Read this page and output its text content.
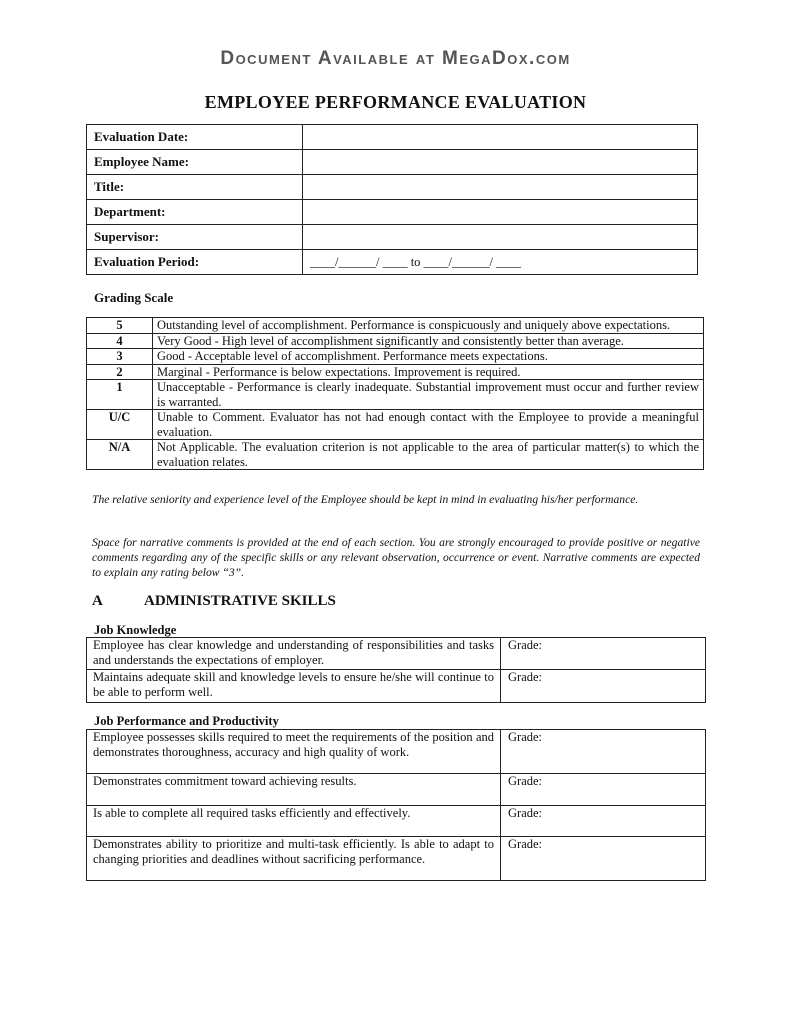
Document Available at MegaDox.com
EMPLOYEE PERFORMANCE EVALUATION
Evaluation Date:	
Employee Name:	
Title:	
Department:	
Supervisor:	
Evaluation Period:	____/______/ ____ to ____/______/ ____
Grading Scale
5	Outstanding level of accomplishment. Performance is conspicuously and uniquely above expectations.
4	Very Good - High level of accomplishment significantly and consistently better than average.
3	Good - Acceptable level of accomplishment. Performance meets expectations.
2	Marginal - Performance is below expectations. Improvement is required.
1	Unacceptable - Performance is clearly inadequate. Substantial improvement must occur and further review is warranted.
U/C	Unable to Comment. Evaluator has not had enough contact with the Employee to provide a meaningful evaluation.
N/A	Not Applicable. The evaluation criterion is not applicable to the area of particular matter(s) to which the evaluation relates.
The relative seniority and experience level of the Employee should be kept in mind in evaluating his/her performance.
Space for narrative comments is provided at the end of each section. You are strongly encouraged to provide positive or negative comments regarding any of the specific skills or any relevant observation, occurrence or event. Narrative comments are expected to explain any rating below “3”.
A	ADMINISTRATIVE SKILLS
Job Knowledge
Employee has clear knowledge and understanding of responsibilities and tasks and understands the expectations of employer.	Grade:
Maintains adequate skill and knowledge levels to ensure he/she will continue to be able to perform well.	Grade:
Job Performance and Productivity
Employee possesses skills required to meet the requirements of the position and demonstrates thoroughness, accuracy and high quality of work.	Grade:
Demonstrates commitment toward achieving results.	Grade:
Is able to complete all required tasks efficiently and effectively.	Grade:
Demonstrates ability to prioritize and multi-task efficiently. Is able to adapt to changing priorities and deadlines without sacrificing performance.	Grade:
